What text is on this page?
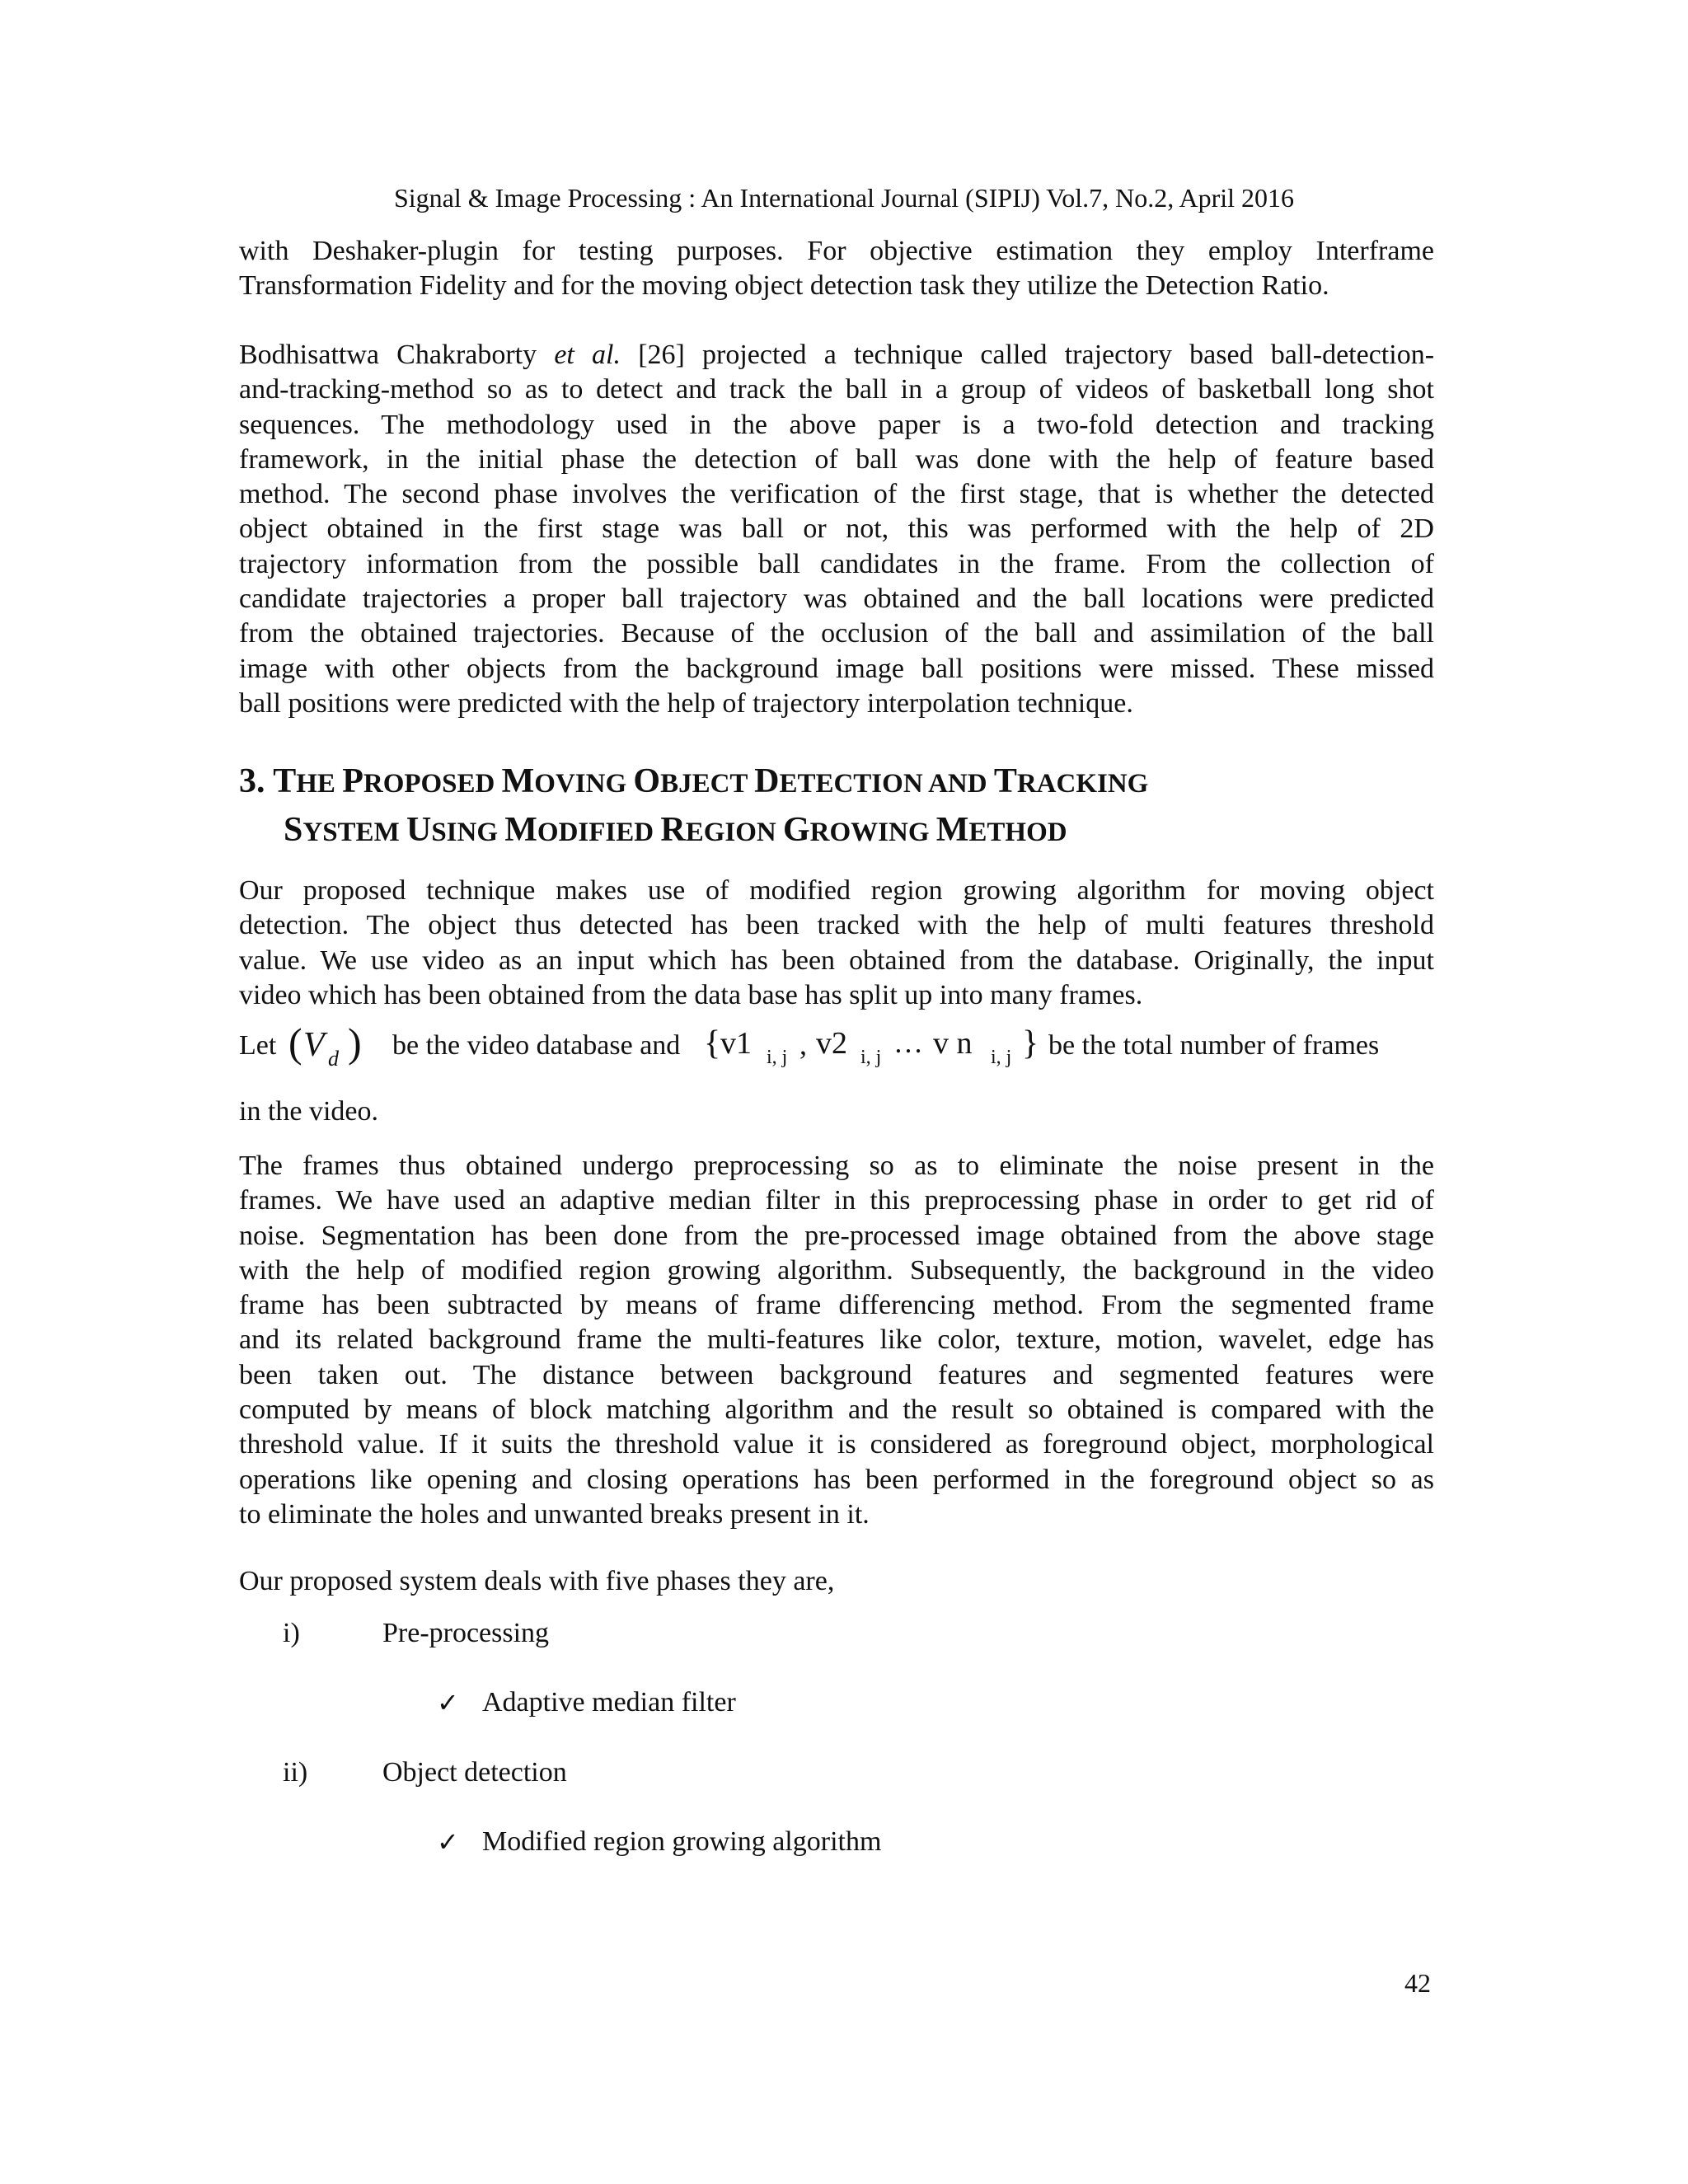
Signal & Image Processing : An International Journal (SIPIJ) Vol.7, No.2, April 2016
with Deshaker-plugin for testing purposes. For objective estimation they employ Interframe
Transformation Fidelity and for the moving object detection task they utilize the Detection Ratio.
Bodhisattwa Chakraborty et al. [26] projected a technique called trajectory based ball-detection-
and-tracking-method so as to detect and track the ball in a group of videos of basketball long shot
sequences. The methodology used in the above paper is a two-fold detection and tracking
framework, in the initial phase the detection of ball was done with the help of feature based
method. The second phase involves the verification of the first stage, that is whether the detected
object obtained in the first stage was ball or not, this was performed with the help of 2D
trajectory information from the possible ball candidates in the frame. From the collection of
candidate trajectories a proper ball trajectory was obtained and the ball locations were predicted
from the obtained trajectories. Because of the occlusion of the ball and assimilation of the ball
image with other objects from the background image ball positions were missed. These missed
ball positions were predicted with the help of trajectory interpolation technique.
3. THE PROPOSED MOVING OBJECT DETECTION AND TRACKING
SYSTEM USING MODIFIED REGION GROWING METHOD
Our proposed technique makes use of modified region growing algorithm for moving object
detection. The object thus detected has been tracked with the help of multi features threshold
value. We use video as an input which has been obtained from the database. Originally, the input
video which has been obtained from the data base has split up into many frames.
Let ( V d ) be the video database and { v1 i, j , v2 i, j … v n i, j } be the total number of frames
in the video.
The frames thus obtained undergo preprocessing so as to eliminate the noise present in the
frames. We have used an adaptive median filter in this preprocessing phase in order to get rid of
noise. Segmentation has been done from the pre-processed image obtained from the above stage
with the help of modified region growing algorithm. Subsequently, the background in the video
frame has been subtracted by means of frame differencing method. From the segmented frame
and its related background frame the multi-features like color, texture, motion, wavelet, edge has
been taken out. The distance between background features and segmented features were
computed by means of block matching algorithm and the result so obtained is compared with the
threshold value. If it suits the threshold value it is considered as foreground object, morphological
operations like opening and closing operations has been performed in the foreground object so as
to eliminate the holes and unwanted breaks present in it.
Our proposed system deals with five phases they are,
i)	Pre-processing
✓ Adaptive median filter
ii)	Object detection
✓ Modified region growing algorithm
42
